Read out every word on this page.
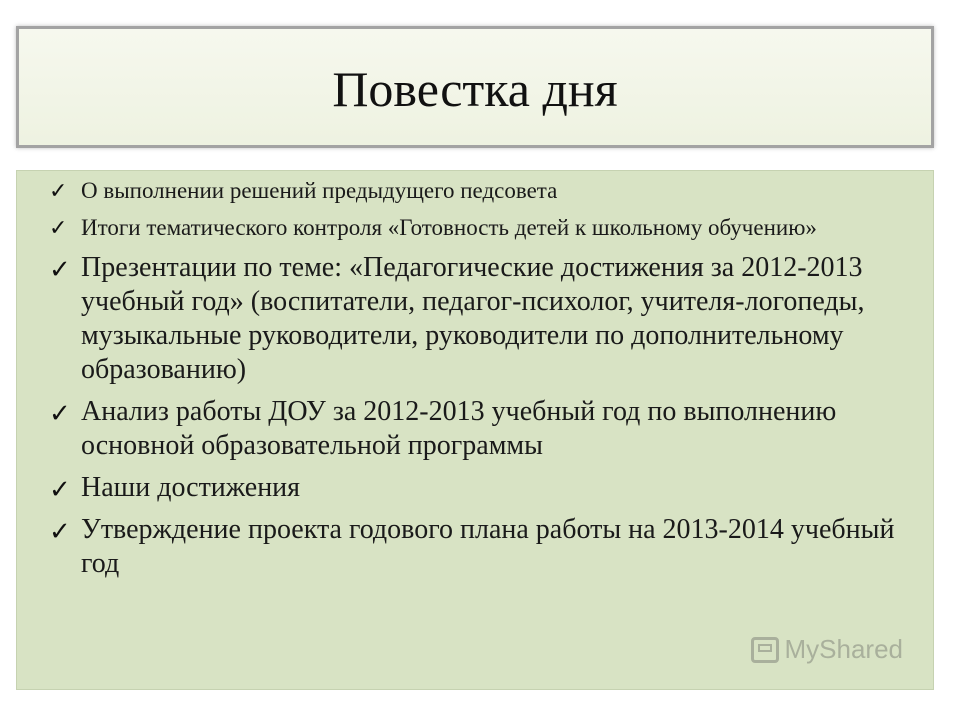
Повестка дня
✓ О выполнении решений предыдущего педсовета
✓ Итоги тематического контроля «Готовность детей к школьному обучению»
✓ Презентации по теме: «Педагогические достижения за 2012-2013 учебный год» (воспитатели, педагог-психолог, учителя-логопеды, музыкальные руководители, руководители по дополнительному образованию)
✓ Анализ работы ДОУ за 2012-2013 учебный год по выполнению основной образовательной программы
✓ Наши достижения
✓ Утверждение проекта годового плана работы на 2013-2014 учебный год
MyShared
